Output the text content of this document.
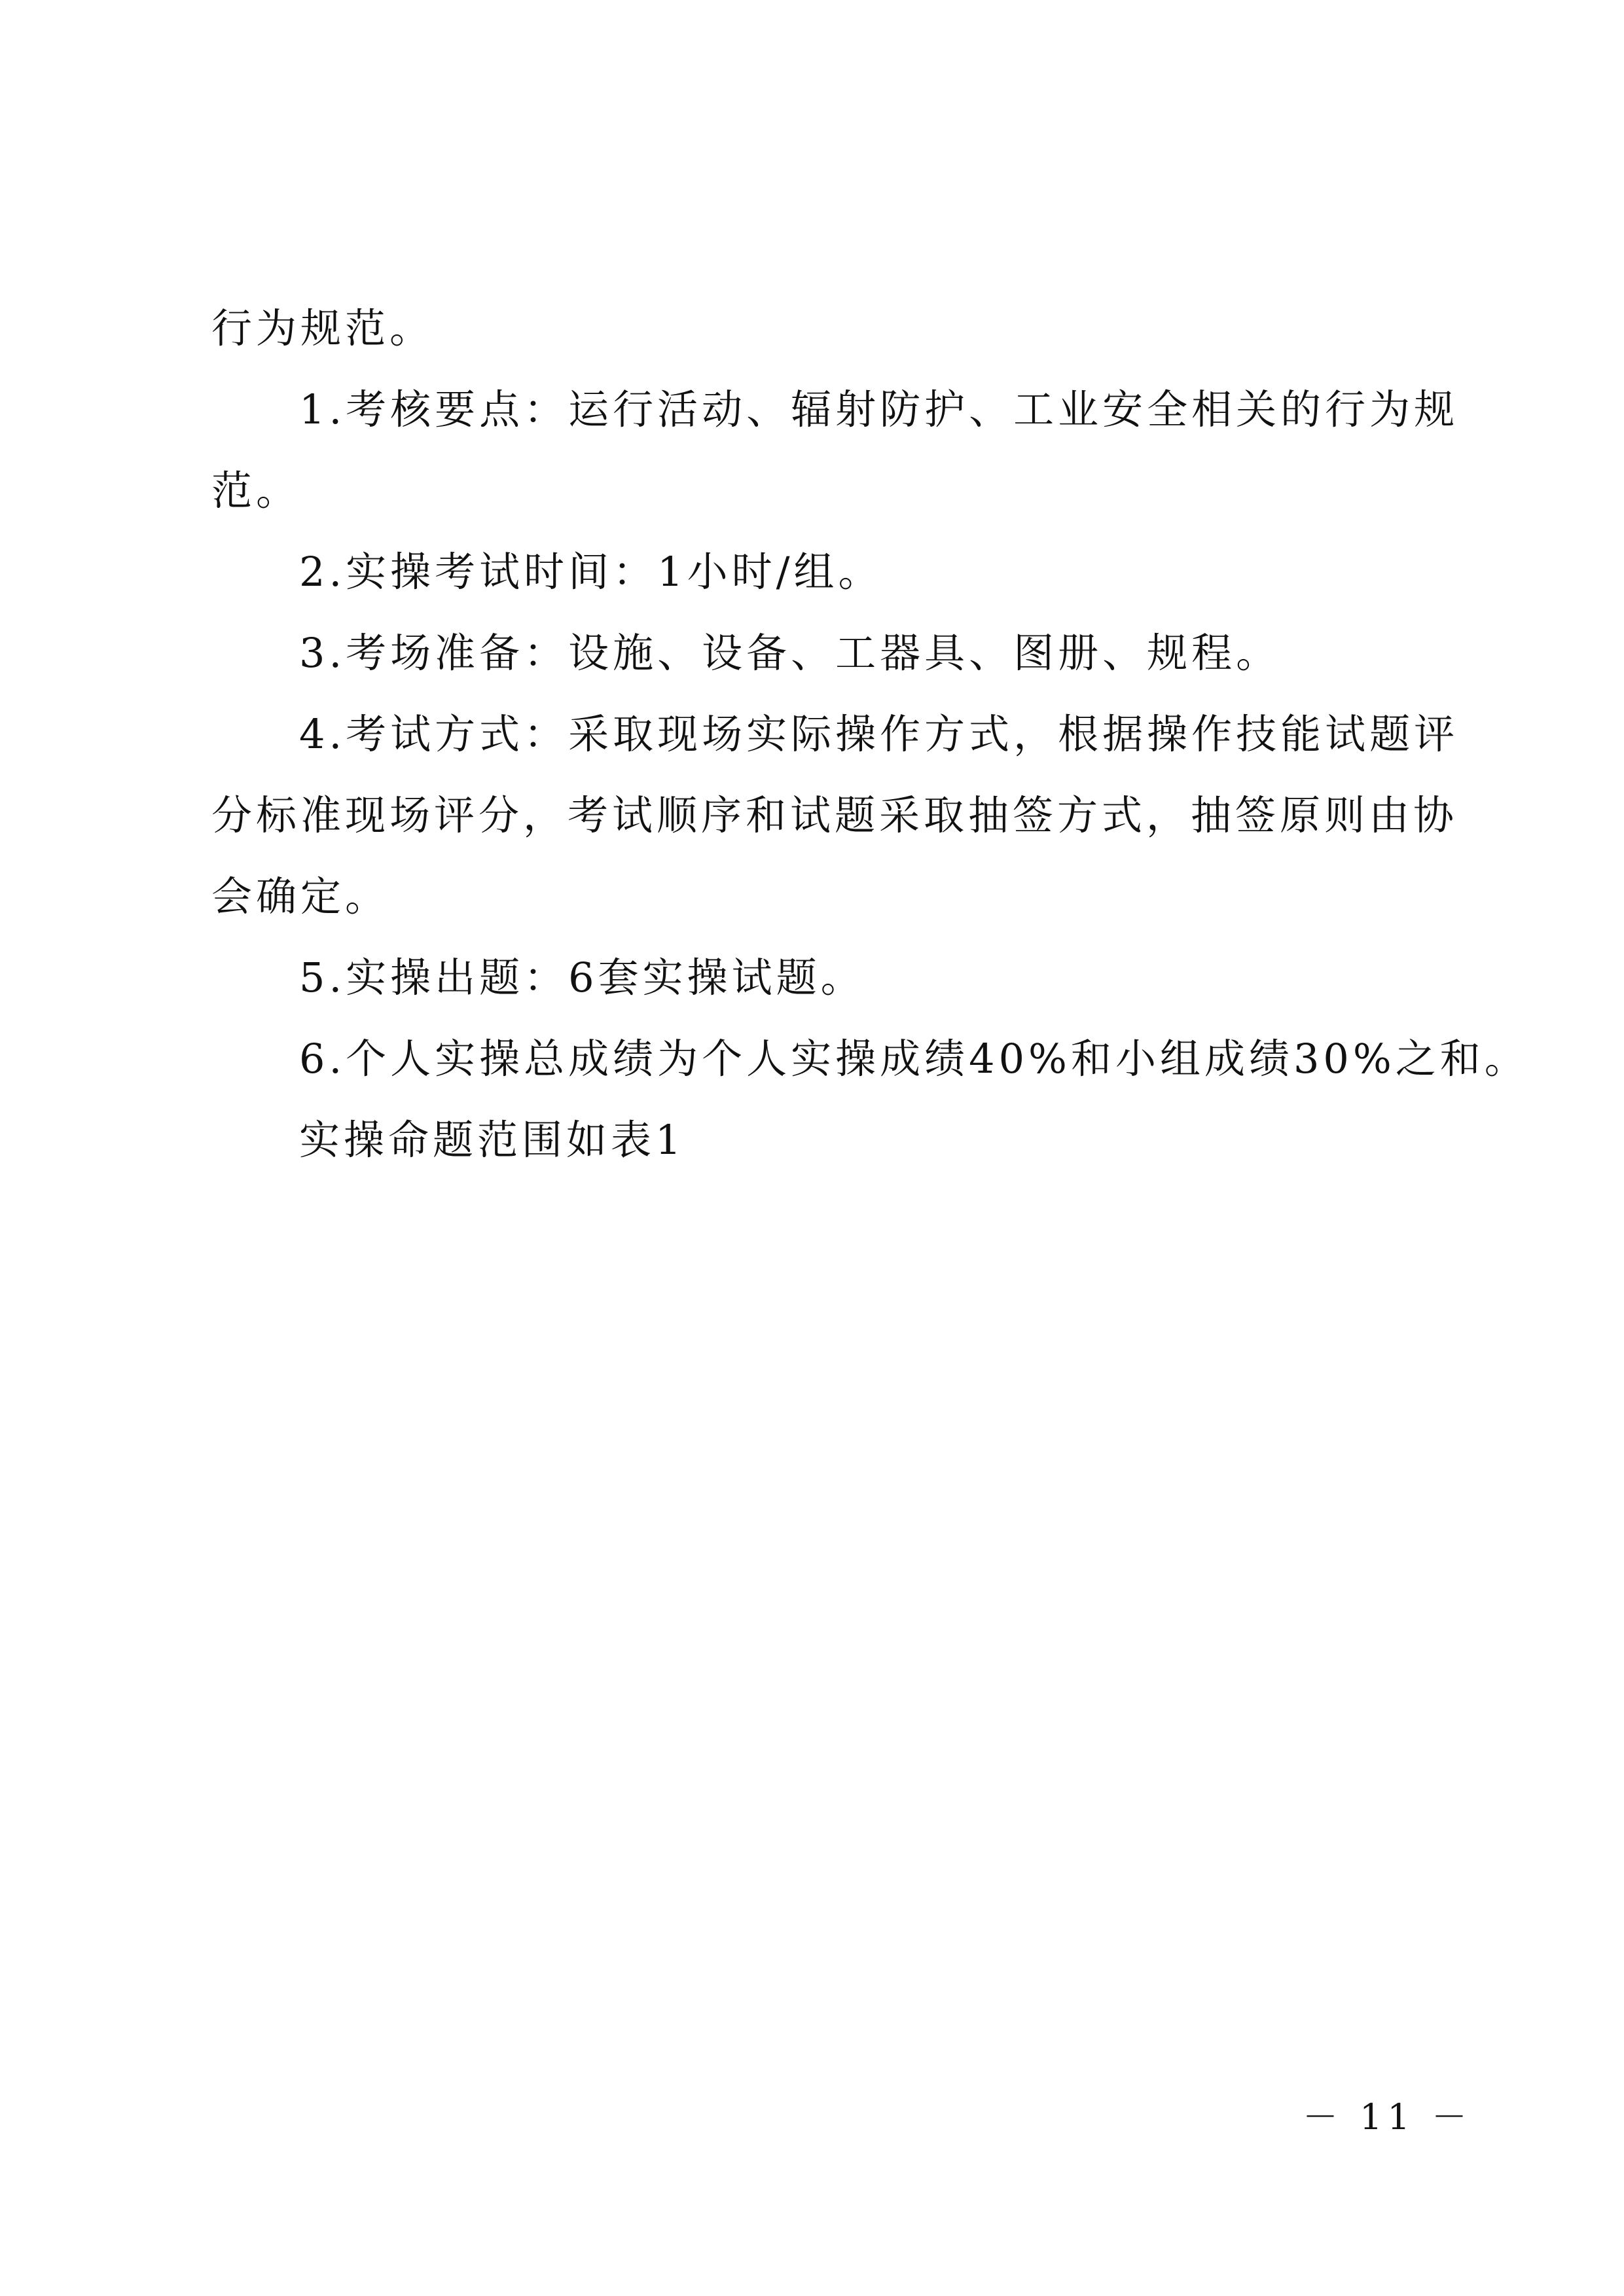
行为规范。
1.考核要点：运行活动、辐射防护、工业安全相关的行为规
范。
2.实操考试时间：1小时/组。
3.考场准备：设施、设备、工器具、图册、规程。
4.考试方式：采取现场实际操作方式，根据操作技能试题评
分标准现场评分，考试顺序和试题采取抽签方式，抽签原则由协
会确定。
5.实操出题：6套实操试题。
6.个人实操总成绩为个人实操成绩40%和小组成绩30%之和。
实操命题范围如表1
－ 11 －
